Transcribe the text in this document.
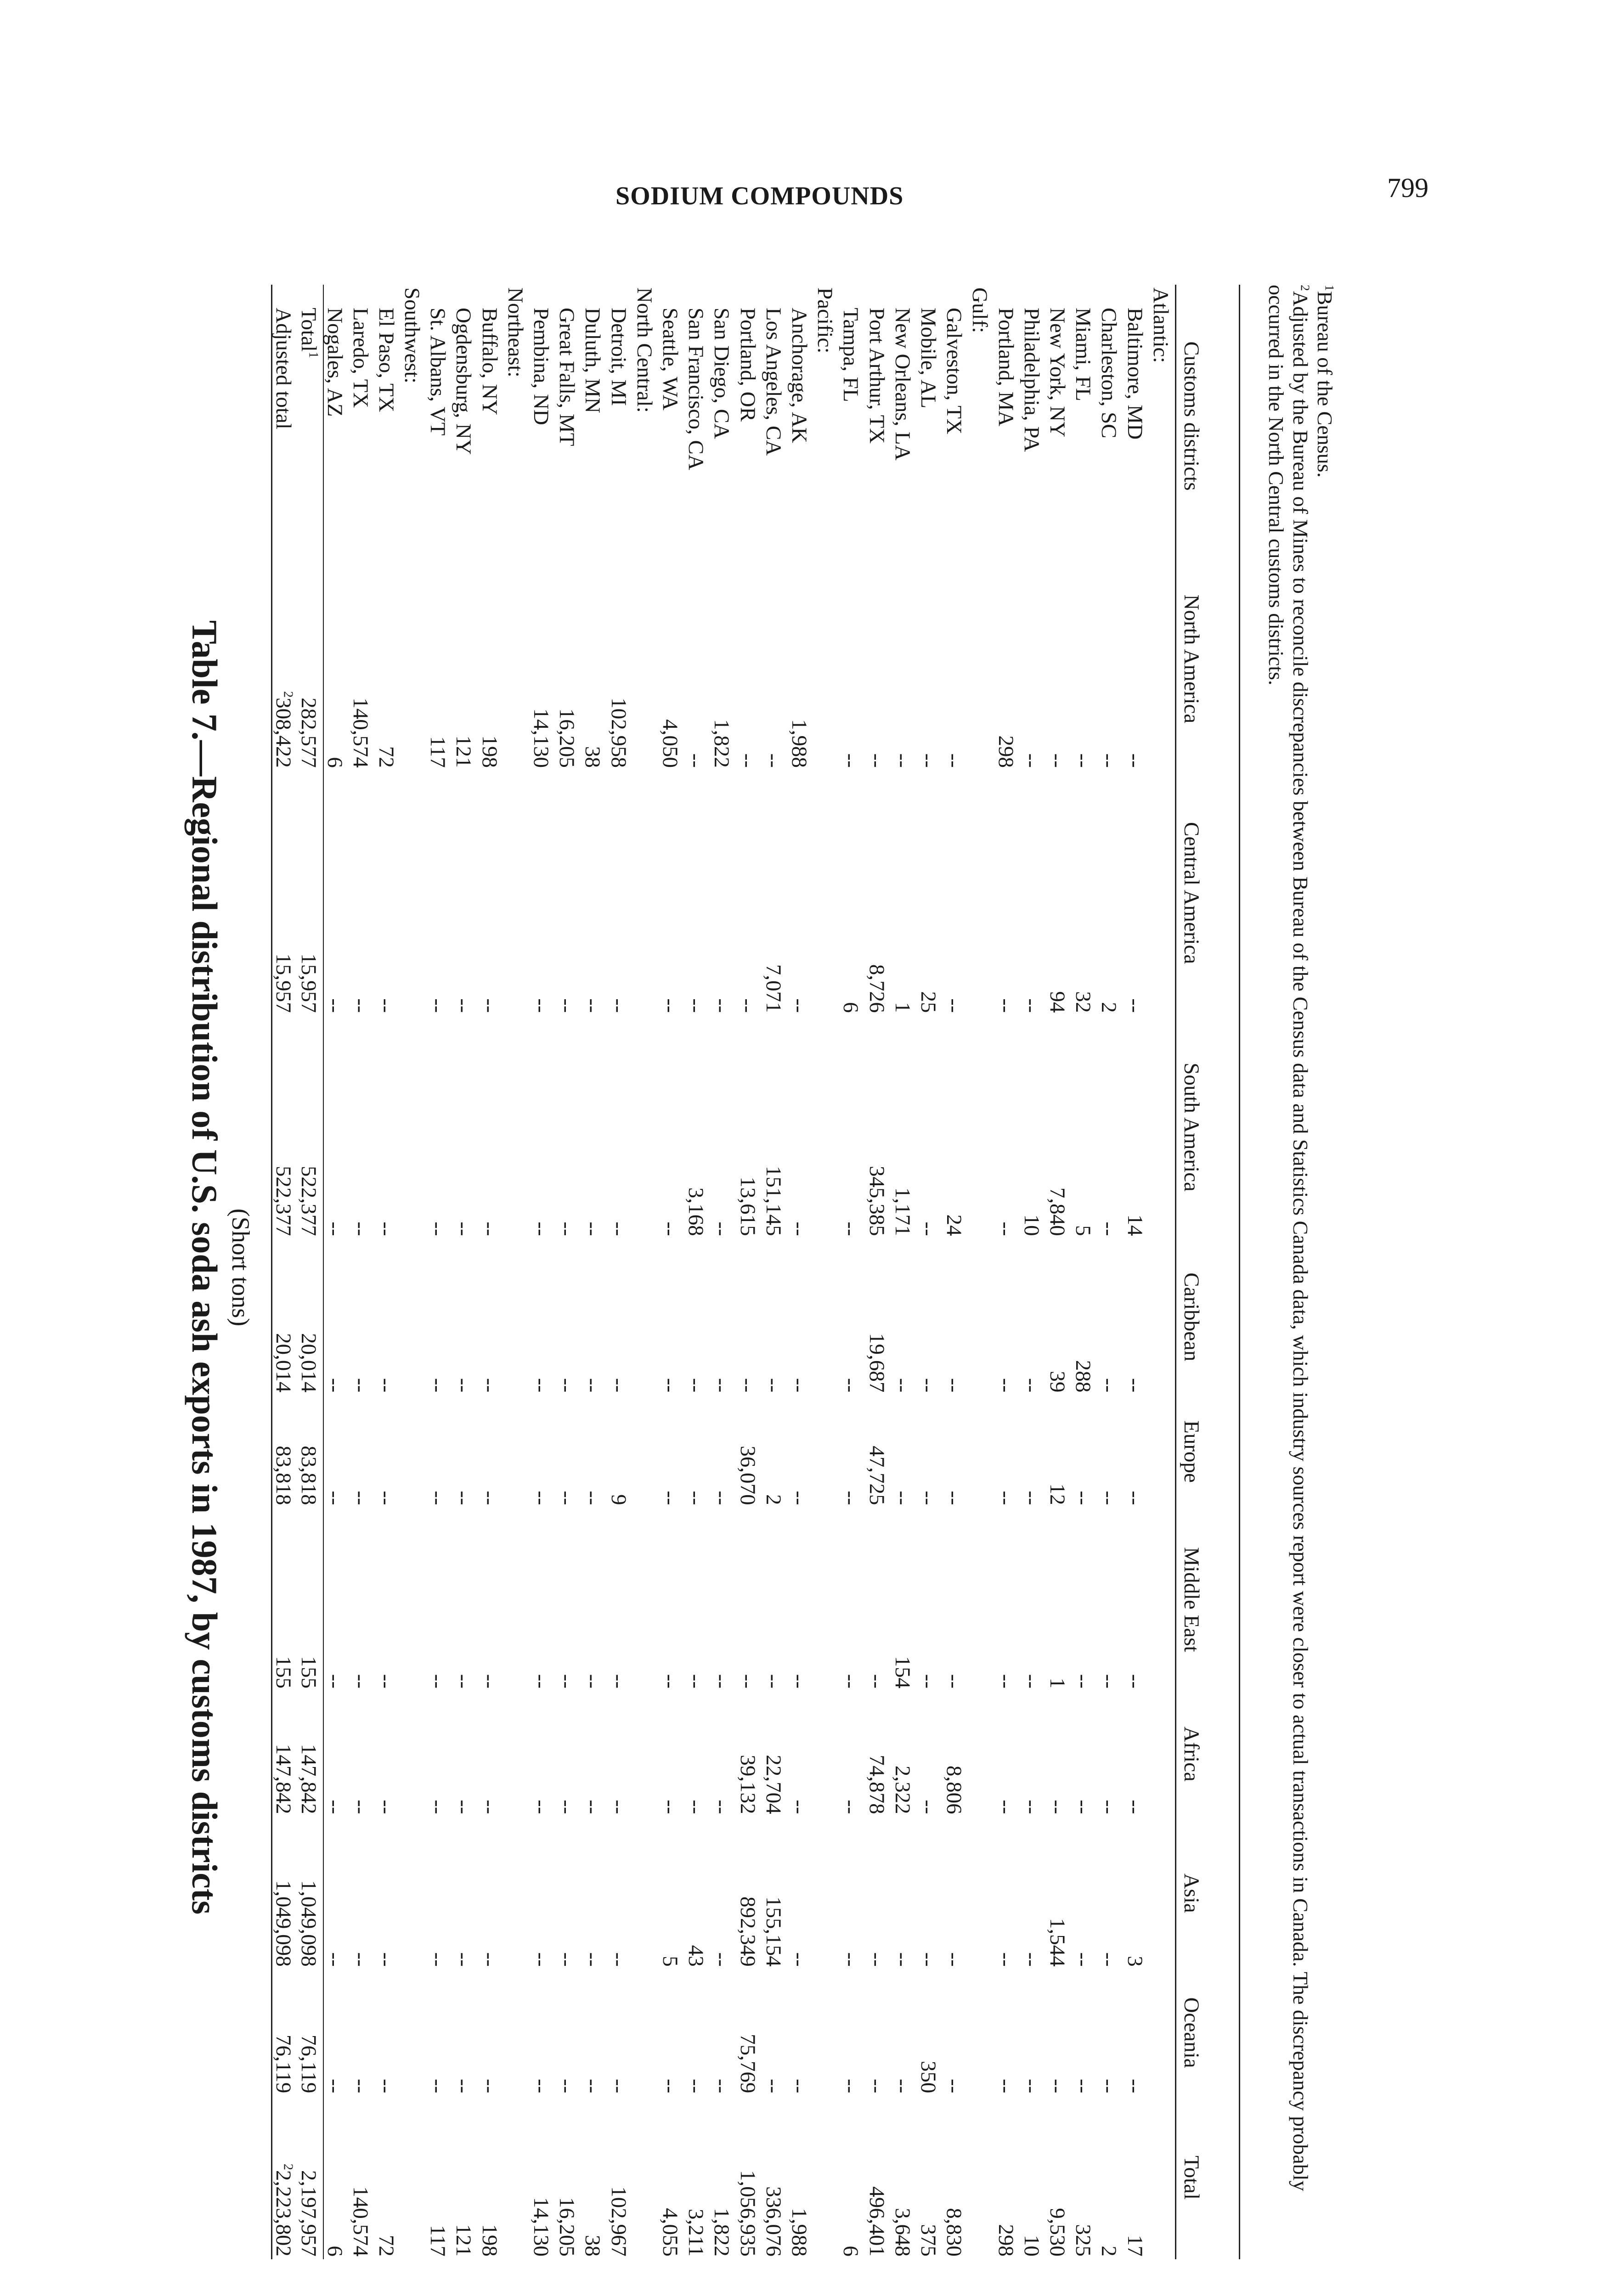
SODIUM COMPOUNDS	799
Table 7.—Regional distribution of U.S. soda ash exports in 1987, by customs districts (Short tons)
$^1$Bureau of the Census.
$^2$Adjusted by the Bureau of Mines to reconcile discrepancies between Bureau of the Census data and Statistics Canada data, which industry sources report were closer to actual transactions in Canada. The discrepancy probably occurred in the North Central customs districts.
Customs districts	North America	Central America	South America	Caribbean	Europe	Middle East	Africa	Asia	Oceania	Total
Atlantic:										
Baltimore, MD	--	--	14	--	--	--	--	3	--	17
Charleston, SC	--	2	--	--	--	--	--	--	--	2
Miami, FL	--	32	5	288	--	--	--	--	--	325
New York, NY	--	94	7,840	39	12	1	--	1,544	--	9,530
Philadelphia, PA	--	--	10	--	--	--	--	--	--	10
Portland, MA	298	--	--	--	--	--	--	--	--	298
Gulf:										
Galveston, TX	--	--	24	--	--	--	8,806	--	--	8,830
Mobile, AL	--	25	--	--	--	--	--	--	350	375
New Orleans, LA	--	1	1,171	--	--	154	2,322	--	--	3,648
Port Arthur, TX	--	8,726	345,385	19,687	47,725	--	74,878	--	--	496,401
Tampa, FL	--	6	--	--	--	--	--	--	--	6
Pacific:										
Anchorage, AK	1,988	--	--	--	--	--	--	--	--	1,988
Los Angeles, CA	--	7,071	151,145	--	2	--	22,704	155,154	--	336,076
Portland, OR	--	--	13,615	--	36,070	--	39,132	892,349	75,769	1,056,935
San Diego, CA	1,822	--	--	--	--	--	--	--	--	1,822
San Francisco, CA	--	--	3,168	--	--	--	--	43	--	3,211
Seattle, WA	4,050	--	--	--	--	--	--	5	--	4,055
North Central:										
Detroit, MI	102,958	--	--	--	9	--	--	--	--	102,967
Duluth, MN	38	--	--	--	--	--	--	--	--	38
Great Falls, MT	16,205	--	--	--	--	--	--	--	--	16,205
Pembina, ND	14,130	--	--	--	--	--	--	--	--	14,130
Northeast:										
Buffalo, NY	198	--	--	--	--	--	--	--	--	198
Ogdensburg, NY	121	--	--	--	--	--	--	--	--	121
St. Albans, VT	117	--	--	--	--	--	--	--	--	117
Southwest:										
El Paso, TX	72	--	--	--	--	--	--	--	--	72
Laredo, TX	140,574	--	--	--	--	--	--	--	--	140,574
Nogales, AZ	6	--	--	--	--	--	--	--	--	6
Total$^1$	282,577	15,957	522,377	20,014	83,818	155	147,842	1,049,098	76,119	2,197,957
Adjusted total	$^2$308,422	15,957	522,377	20,014	83,818	155	147,842	1,049,098	76,119	$^2$2,223,802
